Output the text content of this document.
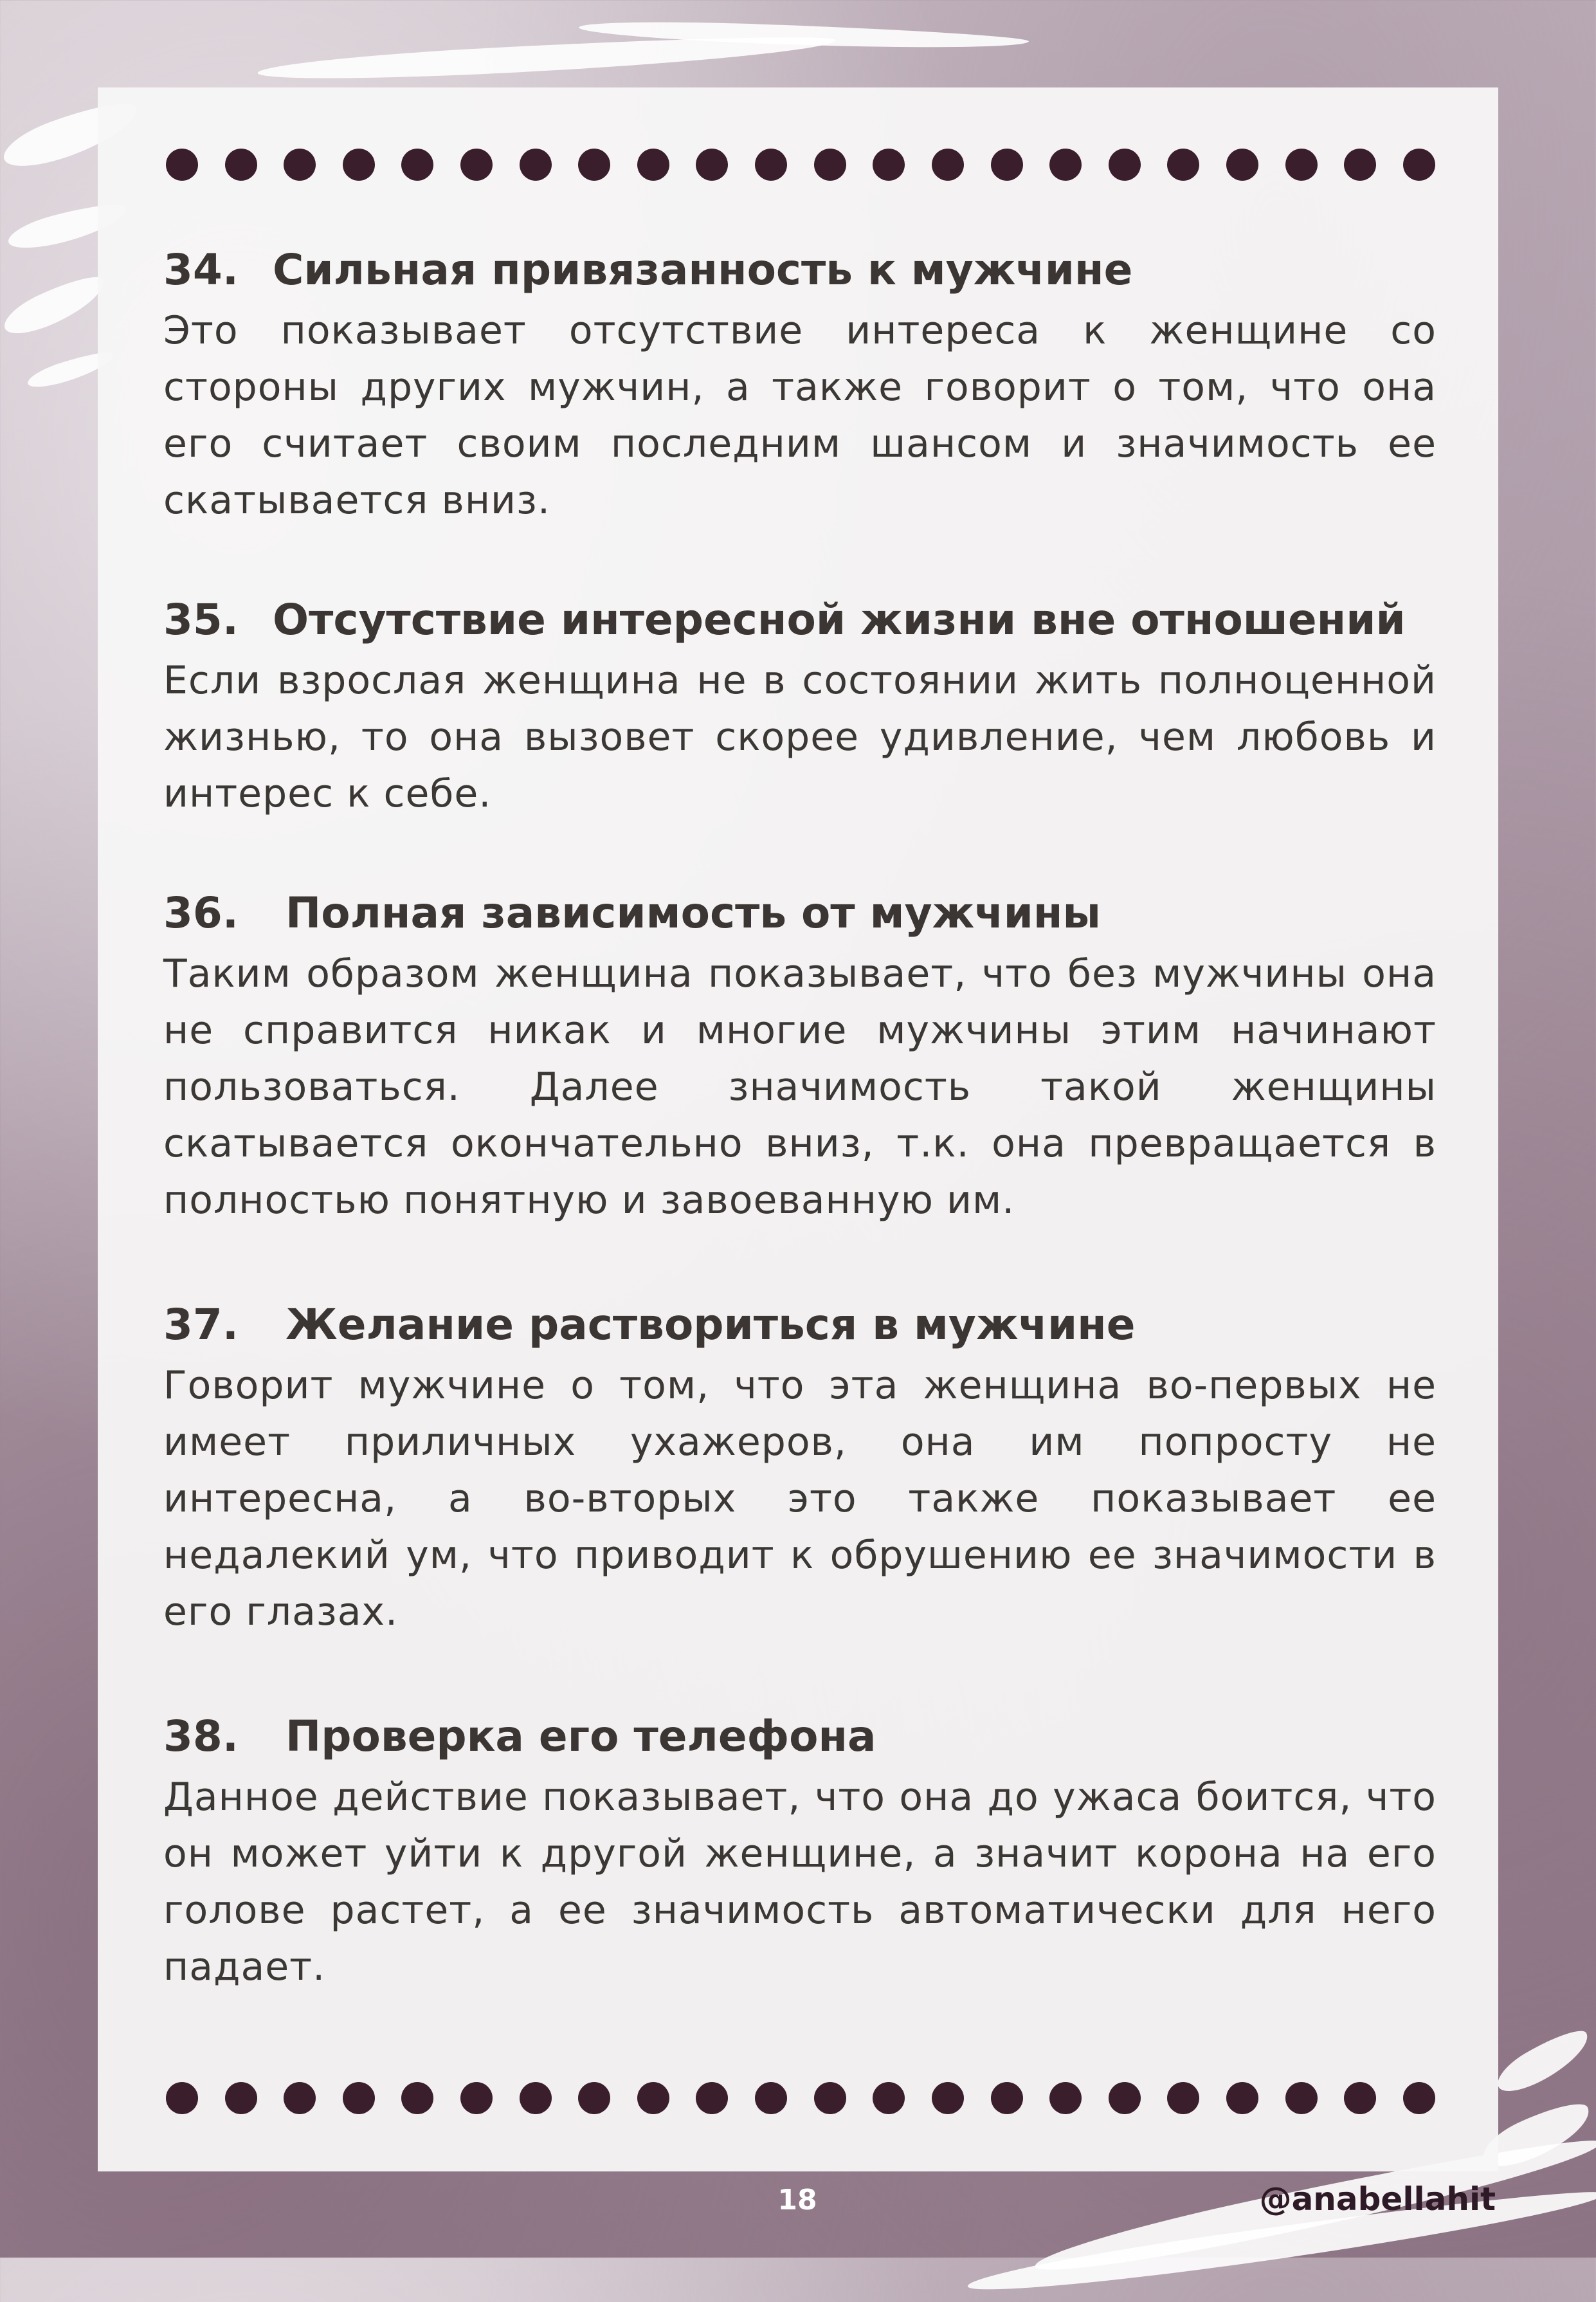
34. Сильная привязанность к мужчине
Это показывает отсутствие интереса к женщине со стороны других мужчин, а также говорит о том, что она его считает своим последним шансом и значимость ее скатывается вниз.
35. Отсутствие интересной жизни вне отношений
Если взрослая женщина не в состоянии жить полноценной жизнью, то она вызовет скорее удивление, чем любовь и интерес к себе.
36. Полная зависимость от мужчины
Таким образом женщина показывает, что без мужчины она не справится никак и многие мужчины этим начинают пользоваться. Далее значимость такой женщины скатывается окончательно вниз, т.к. она превращается в полностью понятную и завоеванную им.
37. Желание раствориться в мужчине
Говорит мужчине о том, что эта женщина во-первых не имеет приличных ухажеров, она им попросту не интересна, а во-вторых это также показывает ее недалекий ум, что приводит к обрушению ее значимости в его глазах.
38. Проверка его телефона
Данное действие показывает, что она до ужаса боится, что он может уйти к другой женщине, а значит корона на его голове растет, а ее значимость автоматически для него падает.
18	@anabellahit
